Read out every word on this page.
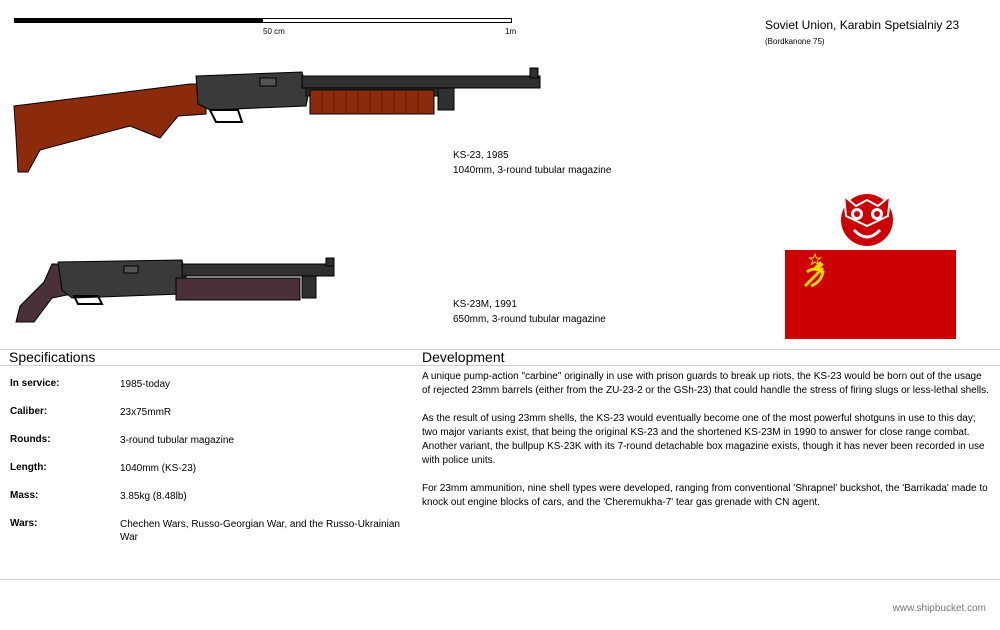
50 cm	1m	Soviet Union, Karabin Spetsialniy 23
(Bordkanone 75)
KS-23, 1985
1040mm, 3-round tubular magazine
KS-23M, 1991
650mm, 3-round tubular magazine
Specifications
In service:	1985-today
Caliber:	23x75mmR
Rounds:	3-round tubular magazine
Length:	1040mm (KS-23)
Mass:	3.85kg (8.48lb)
Wars:	Chechen Wars, Russo-Georgian War, and the Russo-Ukrainian War
Development

A unique pump-action "carbine" originally in use with prison guards to break up riots, the KS-23 would be born out of the usage of rejected 23mm barrels (either from the ZU-23-2 or the GSh-23) that could handle the stress of firing slugs or less-lethal shells.

As the result of using 23mm shells, the KS-23 would eventually become one of the most powerful shotguns in use to this day; two major variants exist, that being the original KS-23 and the shortened KS-23M in 1990 to answer for close range combat. Another variant, the bullpup KS-23K with its 7-round detachable box magazine exists, though it has never been recorded in use with police units.

For 23mm ammunition, nine shell types were developed, ranging from conventional 'Shrapnel' buckshot, the 'Barrikada' made to knock out engine blocks of cars, and the 'Cheremukha-7' tear gas grenade with CN agent.

www.shipbucket.com
